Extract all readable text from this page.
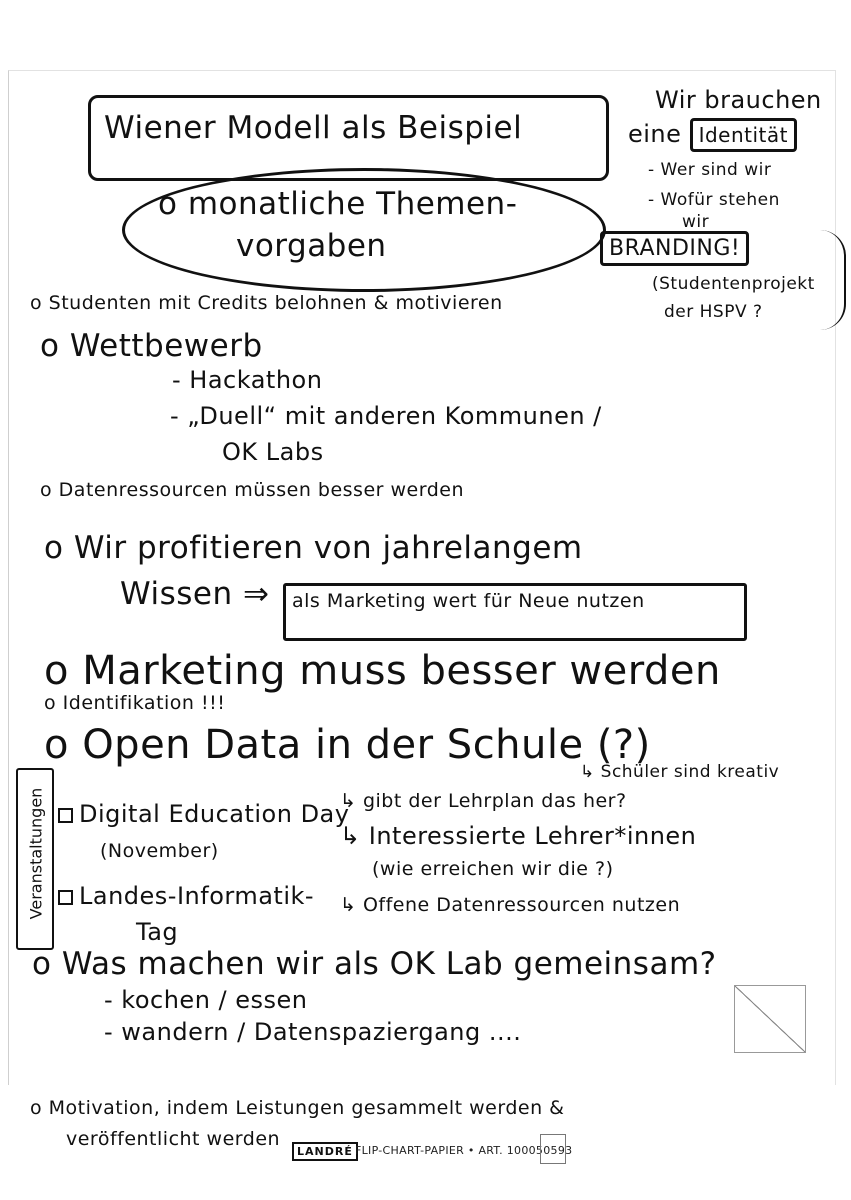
Wiener Modell als Beispiel
o monatliche Themen-
vorgaben
Wir brauchen
eine Identität
- Wer sind wir
- Wofür stehen
wir
BRANDING!
(Studentenprojekt
der HSPV ?
o Studenten mit Credits belohnen & motivieren
o Wettbewerb
- Hackathon
- „Duell“ mit anderen Kommunen /
OK Labs
o Datenressourcen müssen besser werden
o Wir profitieren von jahrelangem
Wissen ⇒ als Marketing wert für Neue nutzen
o Marketing muss besser werden
o Identifikation !!!
o Open Data in der Schule (?)
↳ Schüler sind kreativ
Veranstaltungen	Digital Education Day
(November)
↳ gibt der Lehrplan das her?
↳ Interessierte Lehrer*innen
(wie erreichen wir die ?)
Landes-Informatik-
Tag
↳ Offene Datenressourcen nutzen
o Was machen wir als OK Lab gemeinsam?
- kochen / essen
- wandern / Datenspaziergang ....
o Motivation, indem Leistungen gesammelt werden &
veröffentlicht werden
LANDRÉ FLIP-CHART-PAPIER • ART. 100050593
